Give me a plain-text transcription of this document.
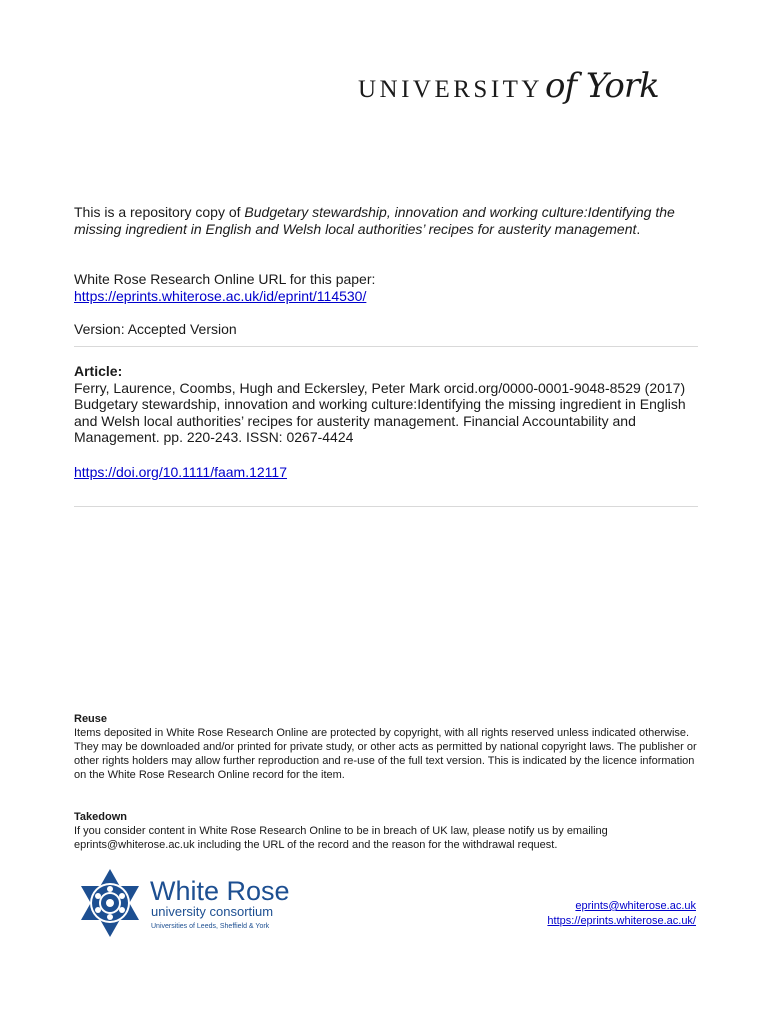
UNIVERSITYof York

This is a repository copy of Budgetary stewardship, innovation and working culture:Identifying the missing ingredient in English and Welsh local authorities’ recipes for austerity management.

White Rose Research Online URL for this paper:
https://eprints.whiterose.ac.uk/id/eprint/114530/
Version: Accepted Version
Article:
Ferry, Laurence, Coombs, Hugh and Eckersley, Peter Mark orcid.org/0000-0001-9048-8529 (2017) Budgetary stewardship, innovation and working culture:Identifying the missing ingredient in English and Welsh local authorities’ recipes for austerity management. Financial Accountability and Management. pp. 220-243. ISSN: 0267-4424
https://doi.org/10.1111/faam.12117

Reuse

Items deposited in White Rose Research Online are protected by copyright, with all rights reserved unless indicated otherwise. They may be downloaded and/or printed for private study, or other acts as permitted by national copyright laws. The publisher or other rights holders may allow further reproduction and re-use of the full text version. This is indicated by the licence information on the White Rose Research Online record for the item.

Takedown

If you consider content in White Rose Research Online to be in breach of UK law, please notify us by emailing eprints@whiterose.ac.uk including the URL of the record and the reason for the withdrawal request.

White Rose
university consortium
Universities of Leeds, Sheffield & York
eprints@whiterose.ac.uk
https://eprints.whiterose.ac.uk/
